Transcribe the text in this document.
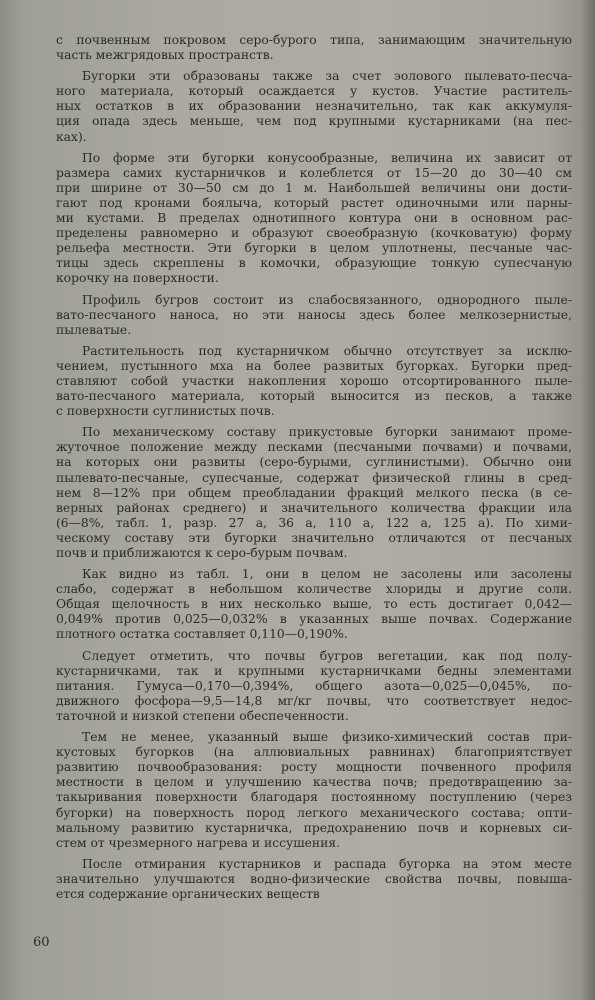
с почвенным покровом серо-бурого типа, занимающим значительную
часть межгрядовых пространств.
Бугорки эти образованы также за счет эолового пылевато-песча-
ного материала, который осаждается у кустов. Участие раститель-
ных остатков в их образовании незначительно, так как аккумуля-
ция опада здесь меньше, чем под крупными кустарниками (на пес-
ках).
По форме эти бугорки конусообразные, величина их зависит от
размера самих кустарничков и колеблется от 15—20 до 30—40 см
при ширине от 30—50 см до 1 м. Наибольшей величины они дости-
гают под кронами боялыча, который растет одиночными или парны-
ми кустами. В пределах однотипного контура они в основном рас-
пределены равномерно и образуют своеобразную (кочковатую) форму
рельефа местности. Эти бугорки в целом уплотнены, песчаные час-
тицы здесь скреплены в комочки, образующие тонкую супесчаную
корочку на поверхности.
Профиль бугров состоит из слабосвязанного, однородного пыле-
вато-песчаного наноса, но эти наносы здесь более мелкозернистые,
пылеватые.
Растительность под кустарничком обычно отсутствует за исклю-
чением, пустынного мха на более развитых бугорках. Бугорки пред-
ставляют собой участки накопления хорошо отсортированного пыле-
вато-песчаного материала, который выносится из песков, а также
с поверхности суглинистых почв.
По механическому составу прикустовые бугорки занимают проме-
жуточное положение между песками (песчаными почвами) и почвами,
на которых они развиты (серо-бурыми, суглинистыми). Обычно они
пылевато-песчаные, супесчаные, содержат физической глины в сред-
нем 8—12% при общем преобладании фракций мелкого песка (в се-
верных районах среднего) и значительного количества фракции ила
(6—8%, табл. 1, разр. 27 а, 36 а, 110 а, 122 а, 125 а). По хими-
ческому составу эти бугорки значительно отличаются от песчаных
почв и приближаются к серо-бурым почвам.
Как видно из табл. 1, они в целом не засолены или засолены
слабо, содержат в небольшом количестве хлориды и другие соли.
Общая щелочность в них несколько выше, то есть достигает 0,042—
0,049% против 0,025—0,032% в указанных выше почвах. Содержание
плотного остатка составляет 0,110—0,190%.
Следует отметить, что почвы бугров вегетации, как под полу-
кустарничками, так и крупными кустарничками бедны элементами
питания. Гумуса—0,170—0,394%, общего азота—0,025—0,045%, по-
движного фосфора—9,5—14,8 мг/кг почвы, что соответствует недос-
таточной и низкой степени обеспеченности.
Тем не менее, указанный выше физико-химический состав при-
кустовых бугорков (на аллювиальных равнинах) благоприятствует
развитию почвообразования: росту мощности почвенного профиля
местности в целом и улучшению качества почв; предотвращению за-
такыривания поверхности благодаря постоянному поступлению (через
бугорки) на поверхность пород легкого механического состава; опти-
мальному развитию кустарничка, предохранению почв и корневых си-
стем от чрезмерного нагрева и иссушения.
После отмирания кустарников и распада бугорка на этом месте
значительно улучшаются водно-физические свойства почвы, повыша-
ется содержание органических веществ
60
